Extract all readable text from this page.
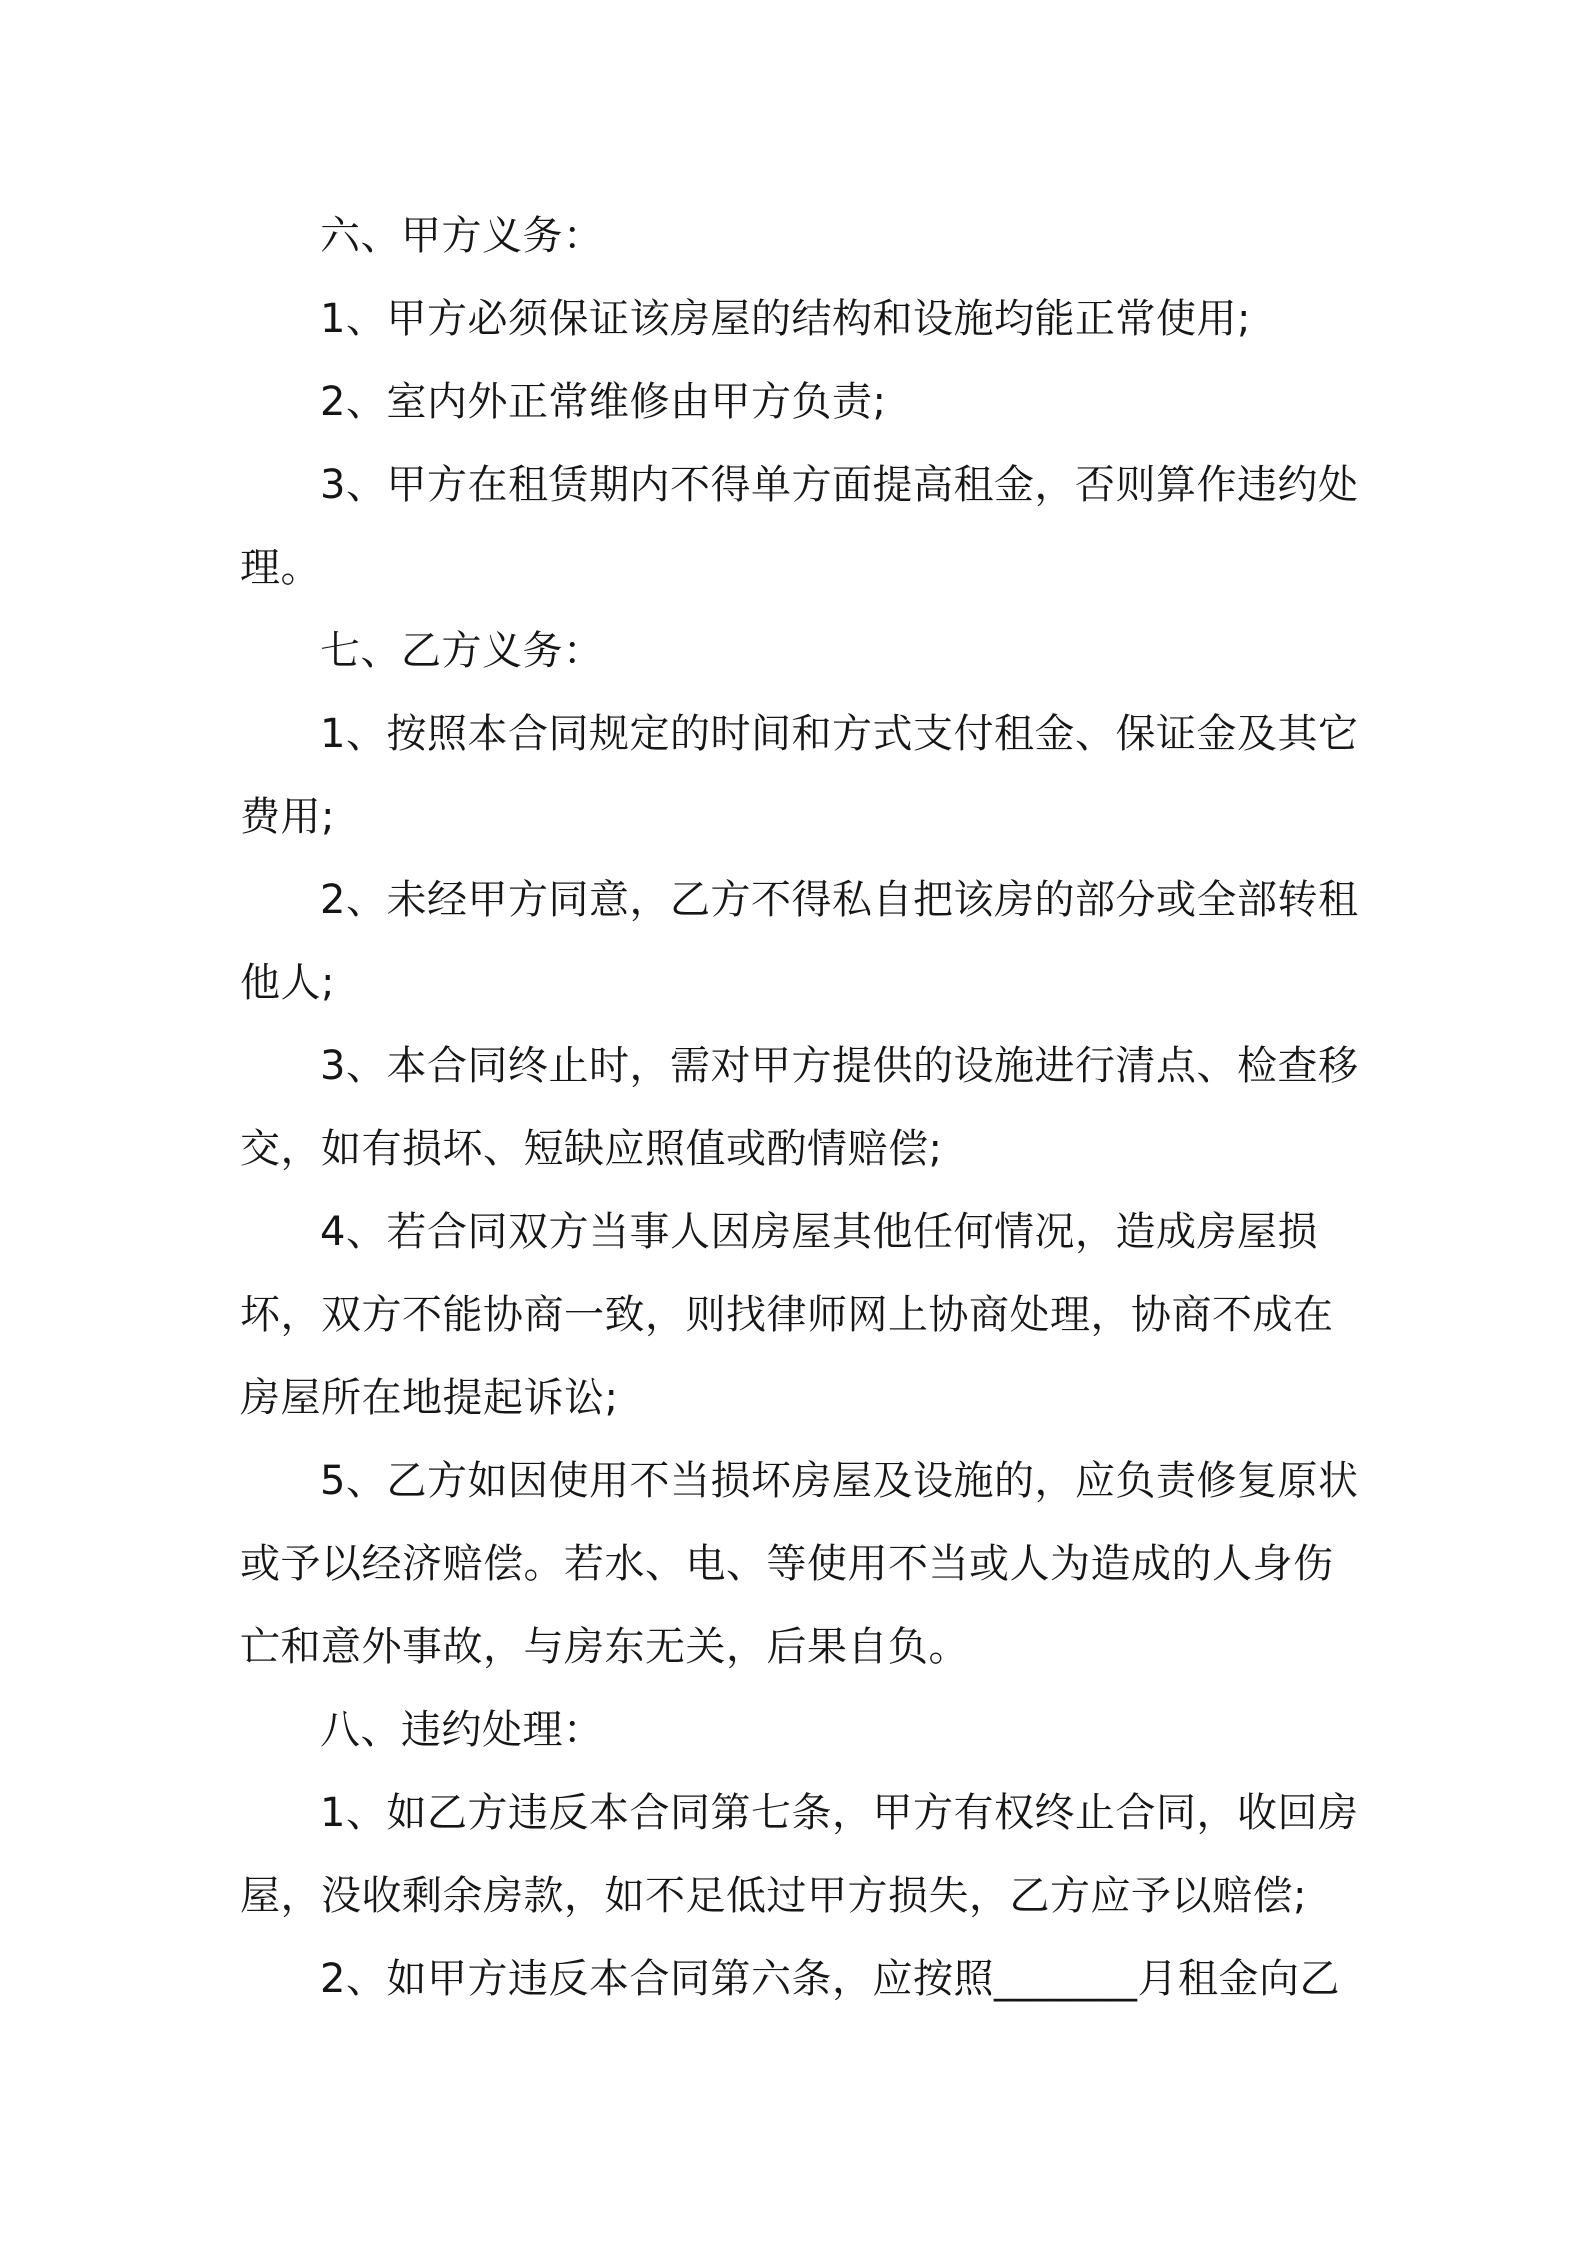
六、甲方义务：

1、甲方必须保证该房屋的结构和设施均能正常使用;

2、室内外正常维修由甲方负责;

3、甲方在租赁期内不得单方面提高租金，否则算作违约处理。

七、乙方义务：

1、按照本合同规定的时间和方式支付租金、保证金及其它费用;

2、未经甲方同意，乙方不得私自把该房的部分或全部转租他人;

3、本合同终止时，需对甲方提供的设施进行清点、检查移交，如有损坏、短缺应照值或酌情赔偿;

4、若合同双方当事人因房屋其他任何情况，造成房屋损坏，双方不能协商一致，则找律师网上协商处理，协商不成在房屋所在地提起诉讼;

5、乙方如因使用不当损坏房屋及设施的，应负责修复原状或予以经济赔偿。若水、电、等使用不当或人为造成的人身伤亡和意外事故，与房东无关，后果自负。

八、违约处理：

1、如乙方违反本合同第七条，甲方有权终止合同，收回房屋，没收剩余房款，如不足低过甲方损失，乙方应予以赔偿;

2、如甲方违反本合同第六条，应按照_______月租金向乙
